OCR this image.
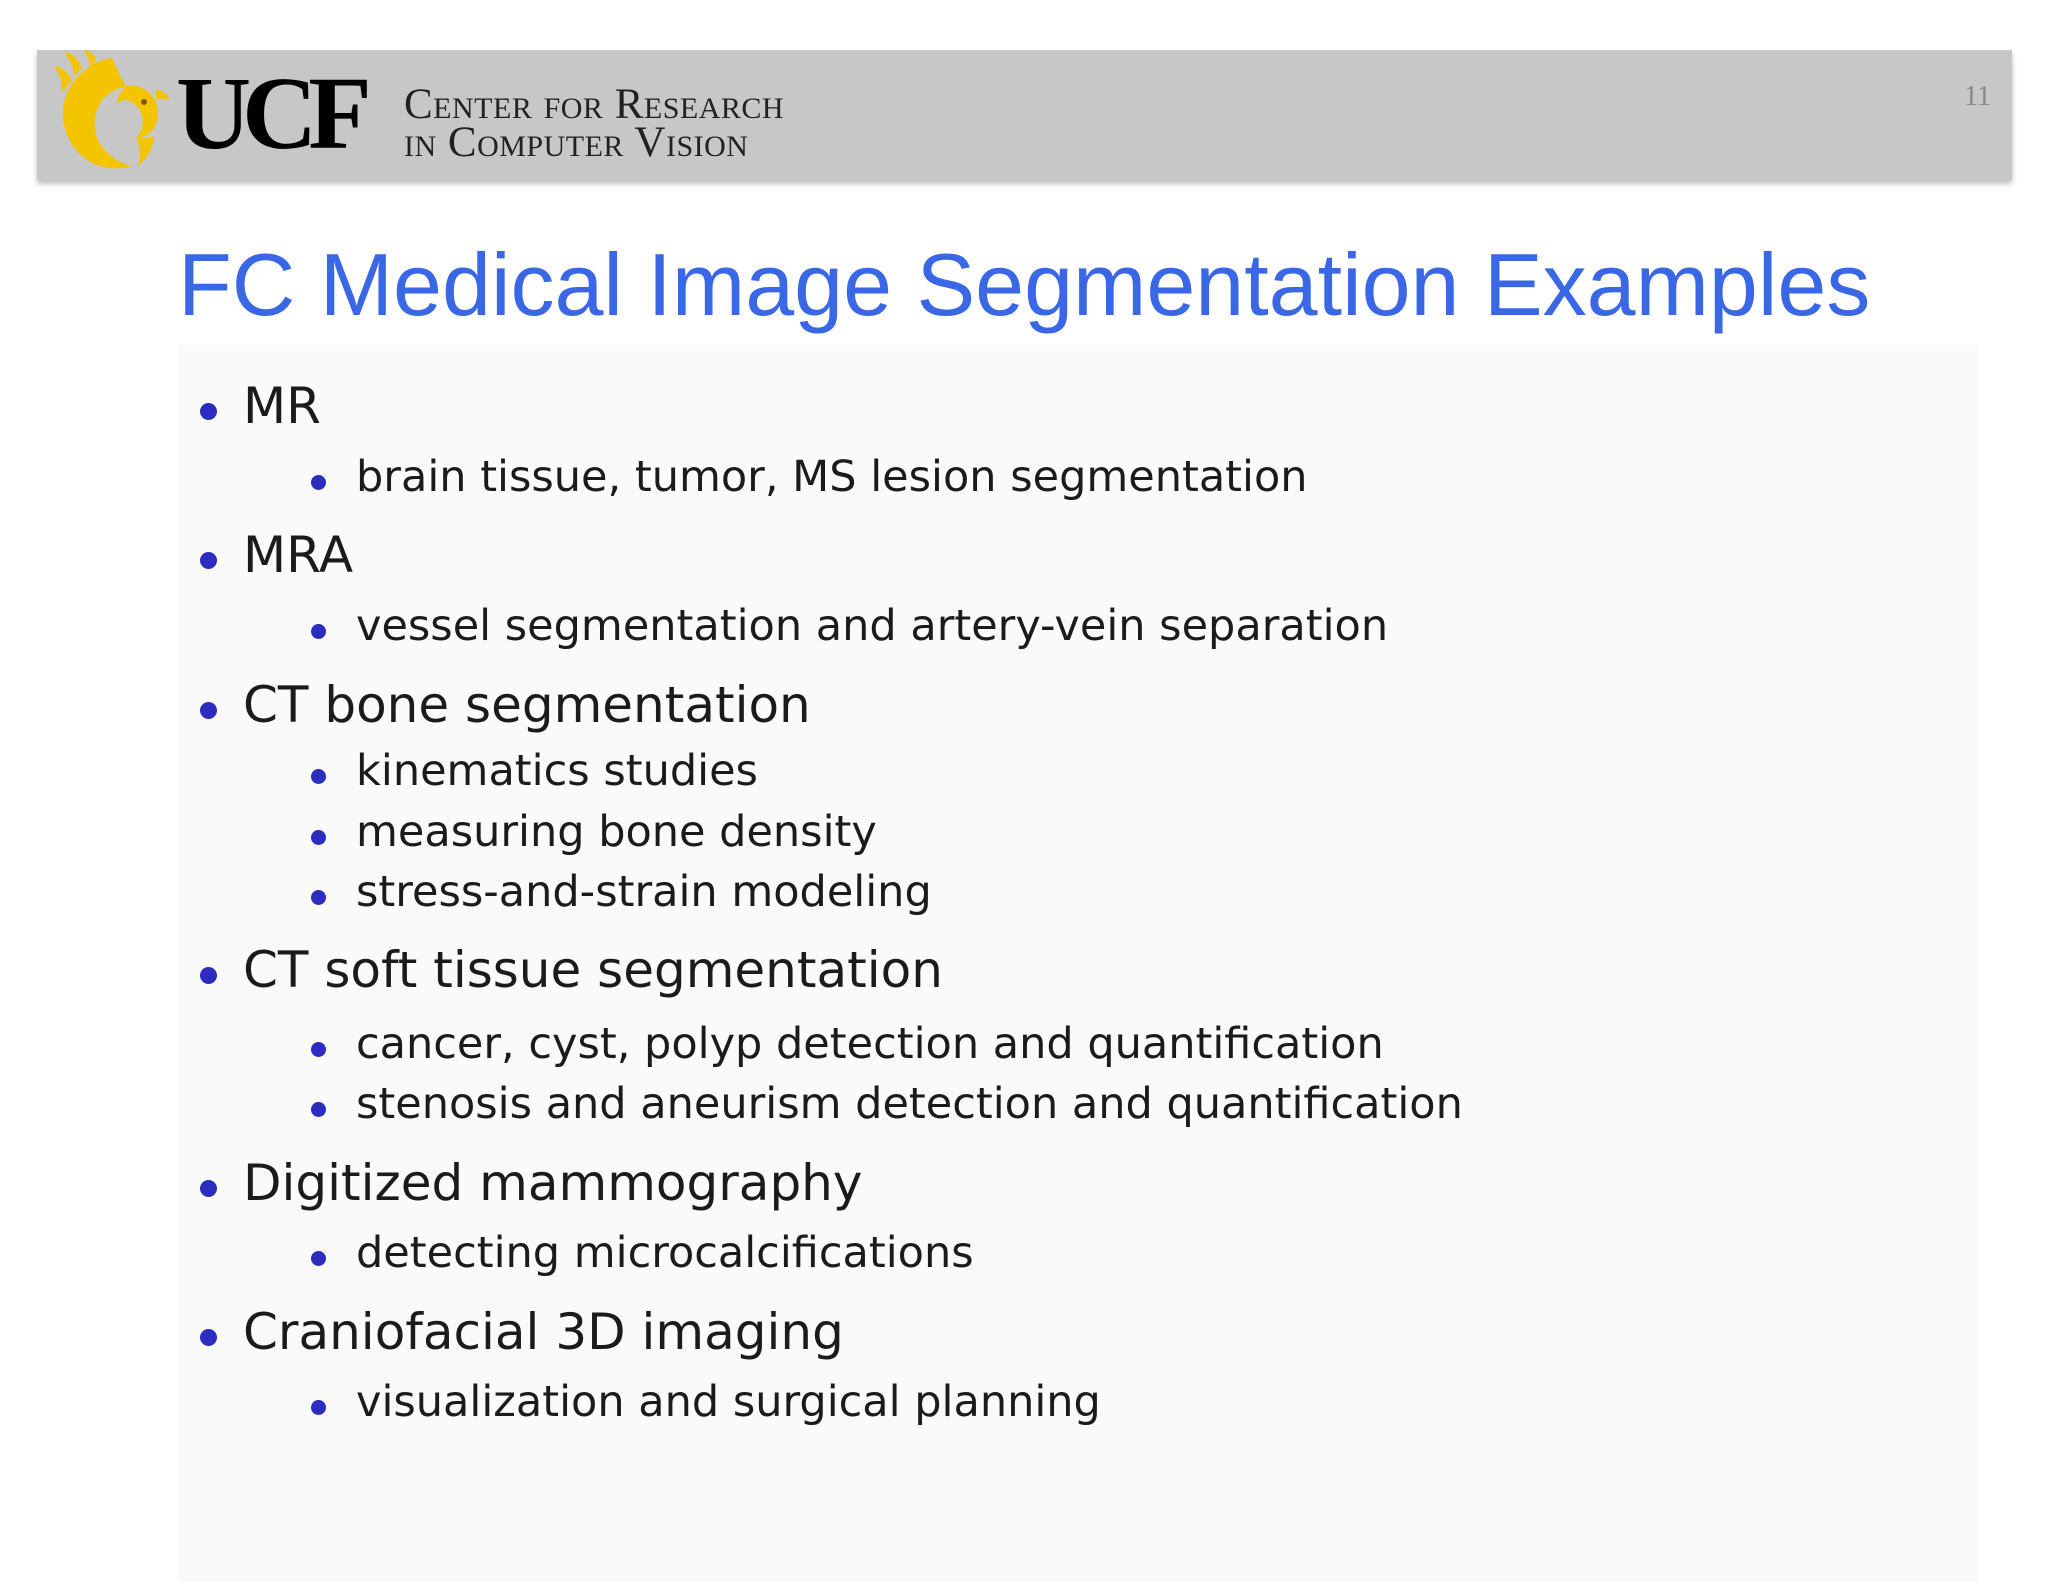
UCF Center for Research
in Computer Vision
11
FC Medical Image Segmentation Examples
MR
brain tissue, tumor, MS lesion segmentation
MRA
vessel segmentation and artery-vein separation
CT bone segmentation
kinematics studies
measuring bone density
stress-and-strain modeling
CT soft tissue segmentation
cancer, cyst, polyp detection and quantification
stenosis and aneurism detection and quantification
Digitized mammography
detecting microcalcifications
Craniofacial 3D imaging
visualization and surgical planning
